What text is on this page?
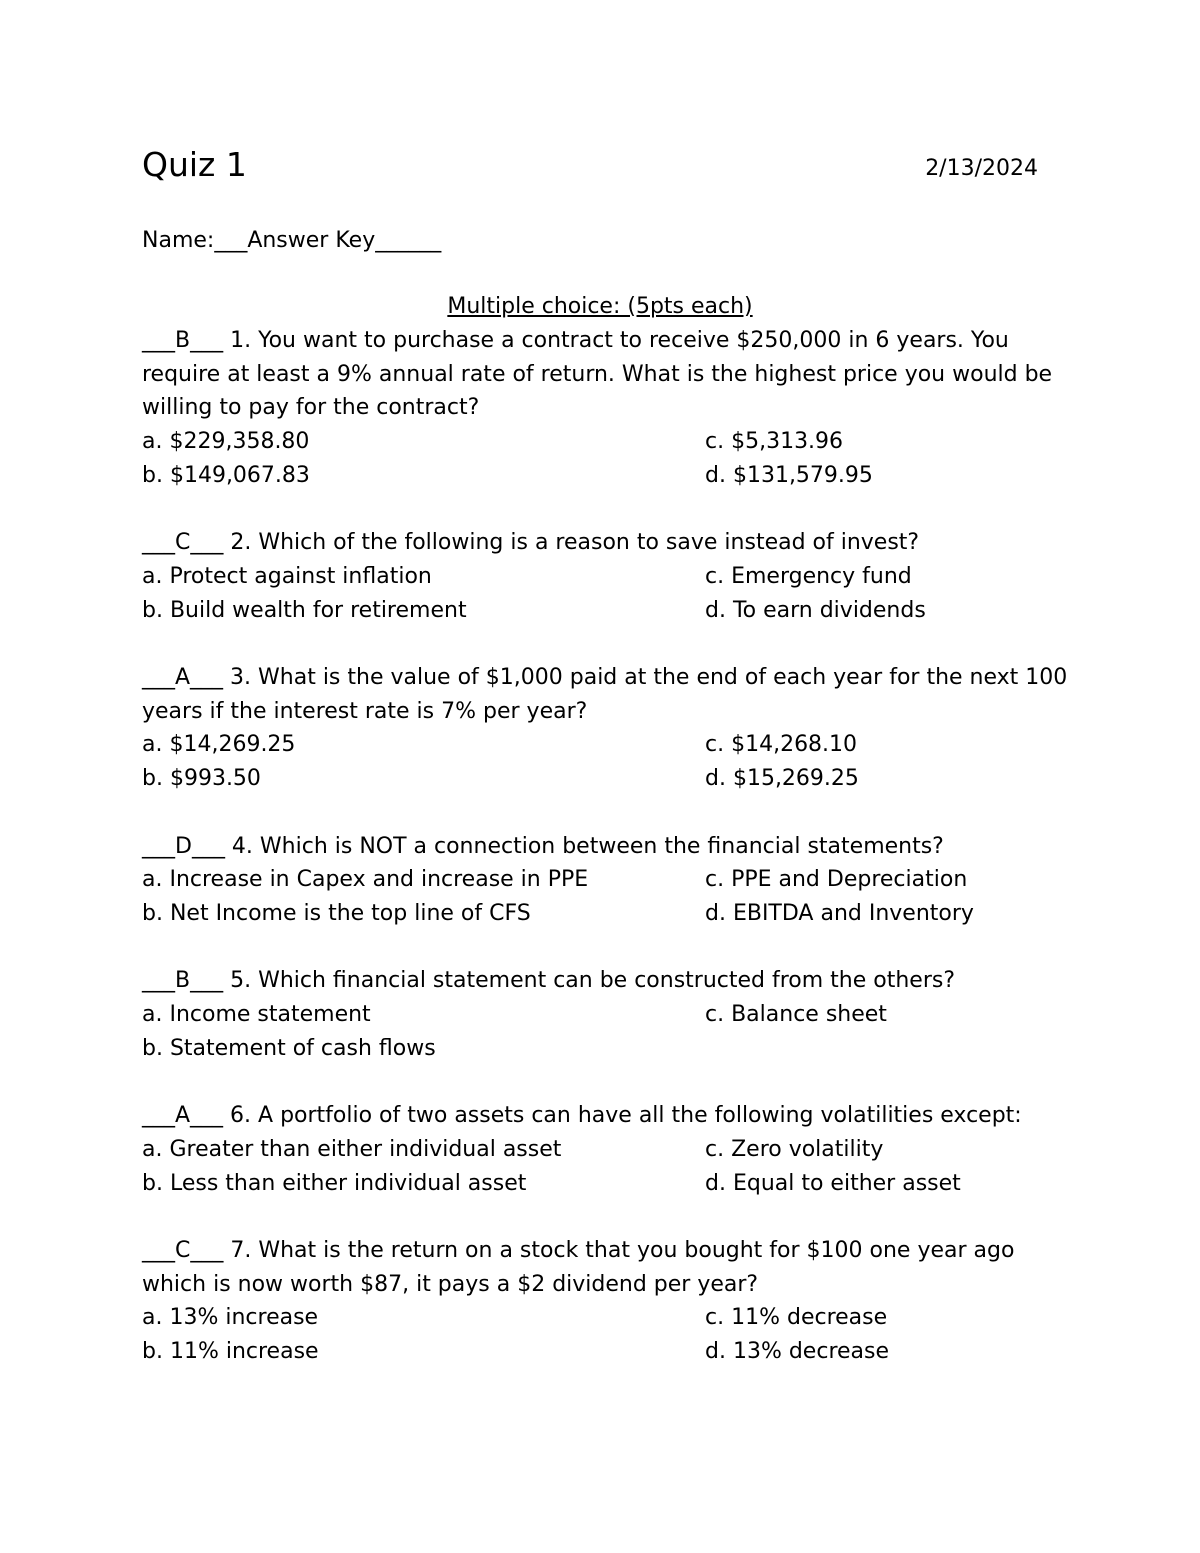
Quiz 1	2/13/2024
Name:___Answer Key______
Multiple choice: (5pts each)
___B___ 1. You want to purchase a contract to receive $250,000 in 6 years. You require at least a 9% annual rate of return. What is the highest price you would be willing to pay for the contract?
a. $229,358.80	c. $5,313.96
b. $149,067.83	d. $131,579.95
___C___ 2. Which of the following is a reason to save instead of invest?
a. Protect against inflation	c. Emergency fund
b. Build wealth for retirement	d. To earn dividends
___A___ 3. What is the value of $1,000 paid at the end of each year for the next 100 years if the interest rate is 7% per year?
a. $14,269.25	c. $14,268.10
b. $993.50	d. $15,269.25
___D___ 4. Which is NOT a connection between the financial statements?
a. Increase in Capex and increase in PPE	c. PPE and Depreciation
b. Net Income is the top line of CFS	d. EBITDA and Inventory
___B___ 5. Which financial statement can be constructed from the others?
a. Income statement	c. Balance sheet
b. Statement of cash flows
___A___ 6. A portfolio of two assets can have all the following volatilities except:
a. Greater than either individual asset	c. Zero volatility
b. Less than either individual asset	d. Equal to either asset
___C___ 7. What is the return on a stock that you bought for $100 one year ago which is now worth $87, it pays a $2 dividend per year?
a. 13% increase	c. 11% decrease
b. 11% increase	d. 13% decrease
